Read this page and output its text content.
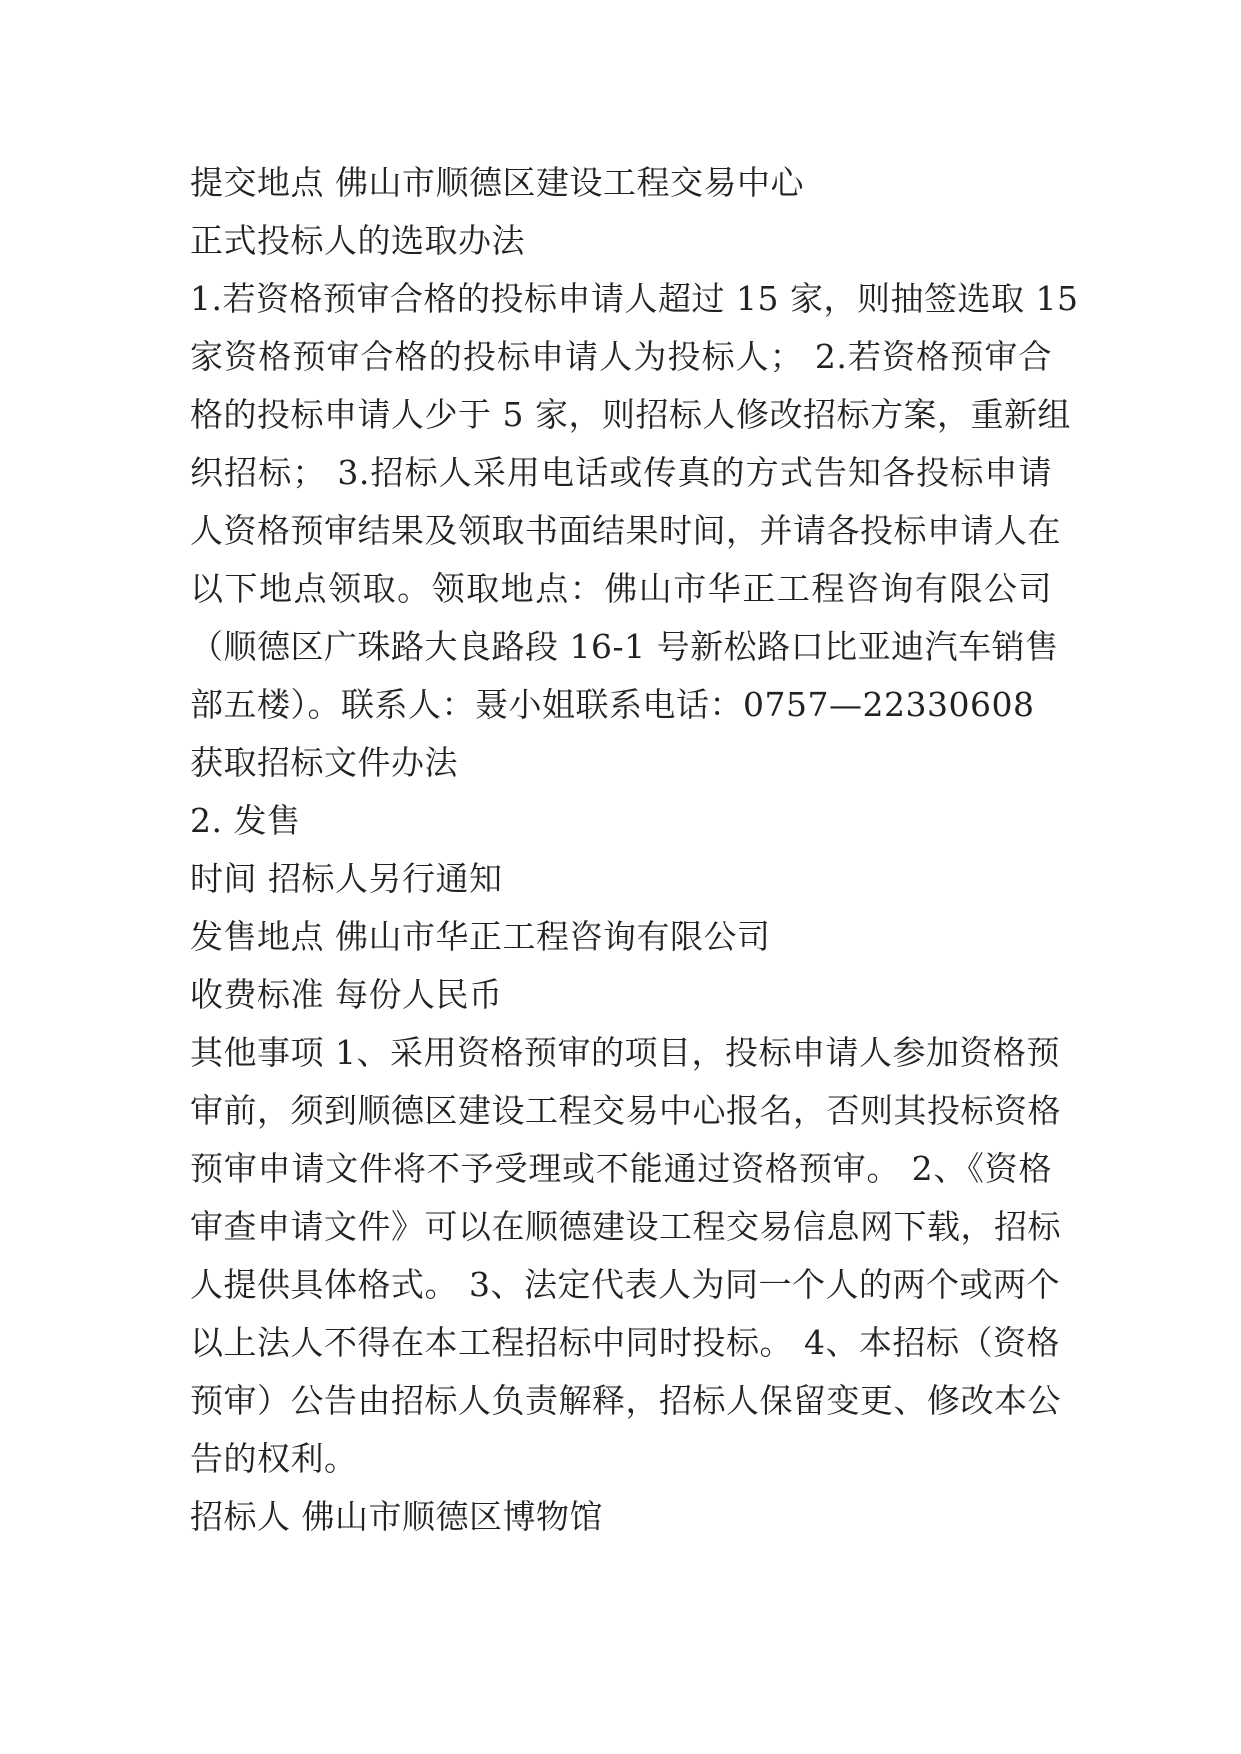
提交地点 佛山市顺德区建设工程交易中心
正式投标人的选取办法
1.若资格预审合格的投标申请人超过 15 家，则抽签选取 15
家资格预审合格的投标申请人为投标人； 2.若资格预审合
格的投标申请人少于 5 家，则招标人修改招标方案，重新组
织招标； 3.招标人采用电话或传真的方式告知各投标申请
人资格预审结果及领取书面结果时间，并请各投标申请人在
以下地点领取。领取地点：佛山市华正工程咨询有限公司
（顺德区广珠路大良路段 16-1 号新松路口比亚迪汽车销售
部五楼）。联系人：聂小姐联系电话：0757—22330608
获取招标文件办法
2. 发售
时间 招标人另行通知
发售地点 佛山市华正工程咨询有限公司
收费标准 每份人民币
其他事项 1、采用资格预审的项目，投标申请人参加资格预
审前，须到顺德区建设工程交易中心报名，否则其投标资格
预审申请文件将不予受理或不能通过资格预审。 2、《资格
审查申请文件》可以在顺德建设工程交易信息网下载，招标
人提供具体格式。 3、法定代表人为同一个人的两个或两个
以上法人不得在本工程招标中同时投标。 4、本招标（资格
预审）公告由招标人负责解释，招标人保留变更、修改本公
告的权利。
招标人 佛山市顺德区博物馆
